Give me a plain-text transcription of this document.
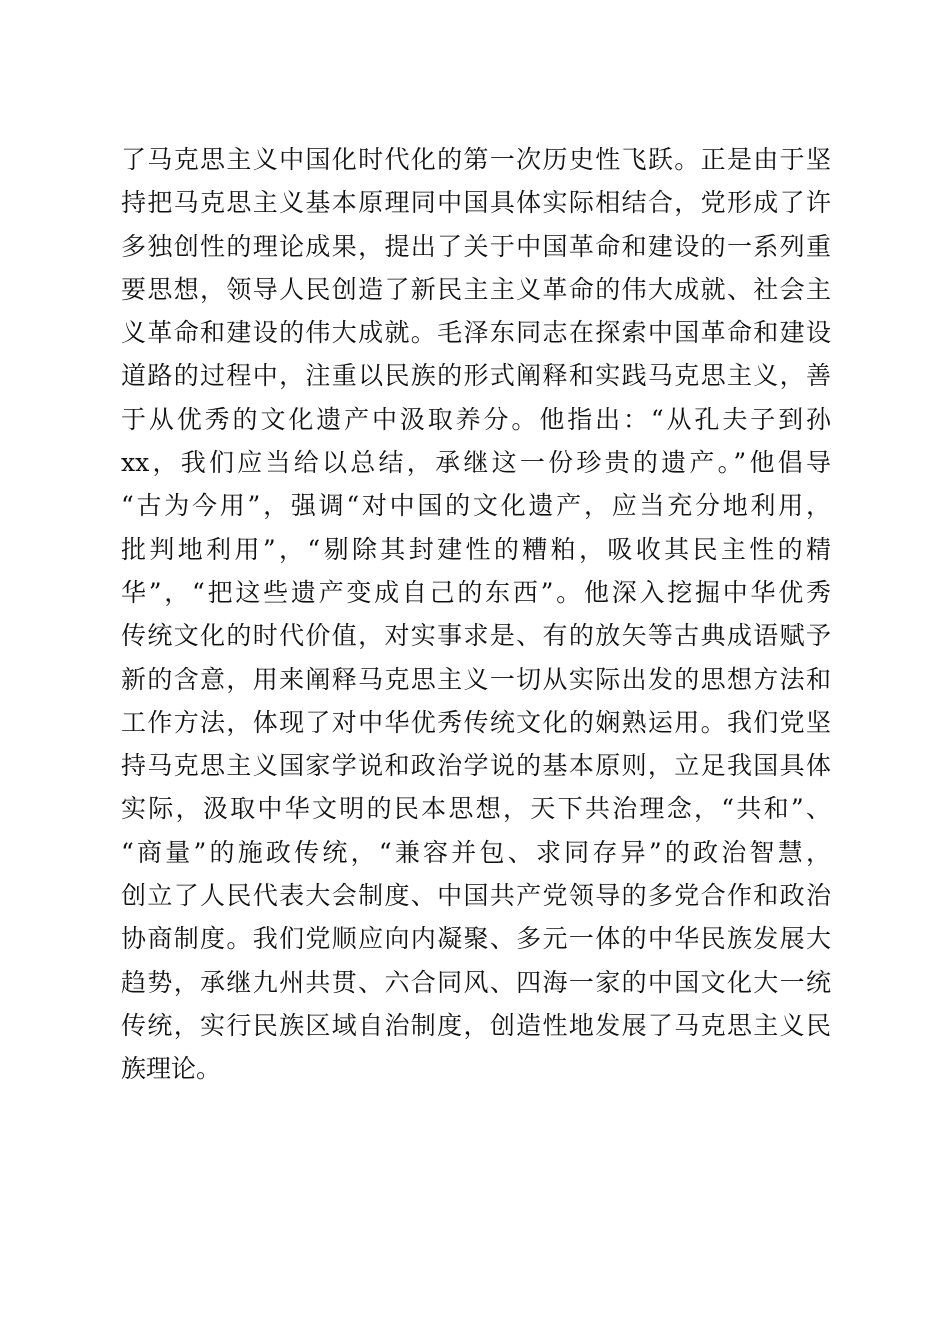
了马克思主义中国化时代化的第一次历史性飞跃。正是由于坚
持把马克思主义基本原理同中国具体实际相结合，党形成了许
多独创性的理论成果，提出了关于中国革命和建设的一系列重
要思想，领导人民创造了新民主主义革命的伟大成就、社会主
义革命和建设的伟大成就。毛泽东同志在探索中国革命和建设
道路的过程中，注重以民族的形式阐释和实践马克思主义，善
于从优秀的文化遗产中汲取养分。他指出：“从孔夫子到孙
xx，我们应当给以总结，承继这一份珍贵的遗产。”他倡导
“古为今用”，强调“对中国的文化遗产，应当充分地利用，
批判地利用”，“剔除其封建性的糟粕，吸收其民主性的精
华”，“把这些遗产变成自己的东西”。他深入挖掘中华优秀
传统文化的时代价值，对实事求是、有的放矢等古典成语赋予
新的含意，用来阐释马克思主义一切从实际出发的思想方法和
工作方法，体现了对中华优秀传统文化的娴熟运用。我们党坚
持马克思主义国家学说和政治学说的基本原则，立足我国具体
实际，汲取中华文明的民本思想，天下共治理念，“共和”、
“商量”的施政传统，“兼容并包、求同存异”的政治智慧，
创立了人民代表大会制度、中国共产党领导的多党合作和政治
协商制度。我们党顺应向内凝聚、多元一体的中华民族发展大
趋势，承继九州共贯、六合同风、四海一家的中国文化大一统
传统，实行民族区域自治制度，创造性地发展了马克思主义民
族理论。
